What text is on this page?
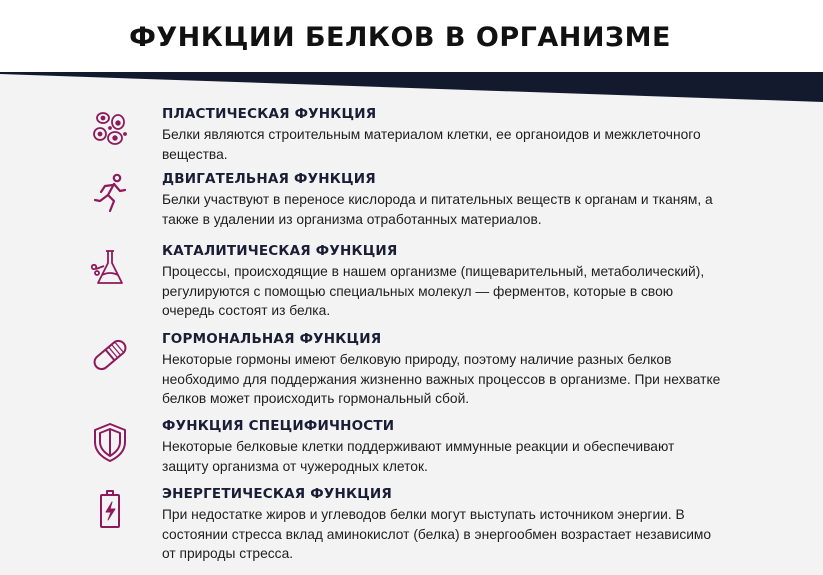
ФУНКЦИИ БЕЛКОВ В ОРГАНИЗМЕ

ПЛАСТИЧЕСКАЯ ФУНКЦИЯ

Белки являются строительным материалом клетки, ее органоидов и межклеточного вещества.

ДВИГАТЕЛЬНАЯ ФУНКЦИЯ

Белки участвуют в переносе кислорода и питательных веществ к органам и тканям, а также в удалении из организма отработанных материалов.

КАТАЛИТИЧЕСКАЯ ФУНКЦИЯ

Процессы, происходящие в нашем организме (пищеварительный, метаболический), регулируются с помощью специальных молекул — ферментов, которые в свою очередь состоят из белка.

ГОРМОНАЛЬНАЯ ФУНКЦИЯ

Некоторые гормоны имеют белковую природу, поэтому наличие разных белков необходимо для поддержания жизненно важных процессов в организме. При нехватке белков может происходить гормональный сбой.

ФУНКЦИЯ СПЕЦИФИЧНОСТИ

Некоторые белковые клетки поддерживают иммунные реакции и обеспечивают защиту организма от чужеродных клеток.

ЭНЕРГЕТИЧЕСКАЯ ФУНКЦИЯ

При недостатке жиров и углеводов белки могут выступать источником энергии. В состоянии стресса вклад аминокислот (белка) в энергообмен возрастает независимо от природы стресса.
